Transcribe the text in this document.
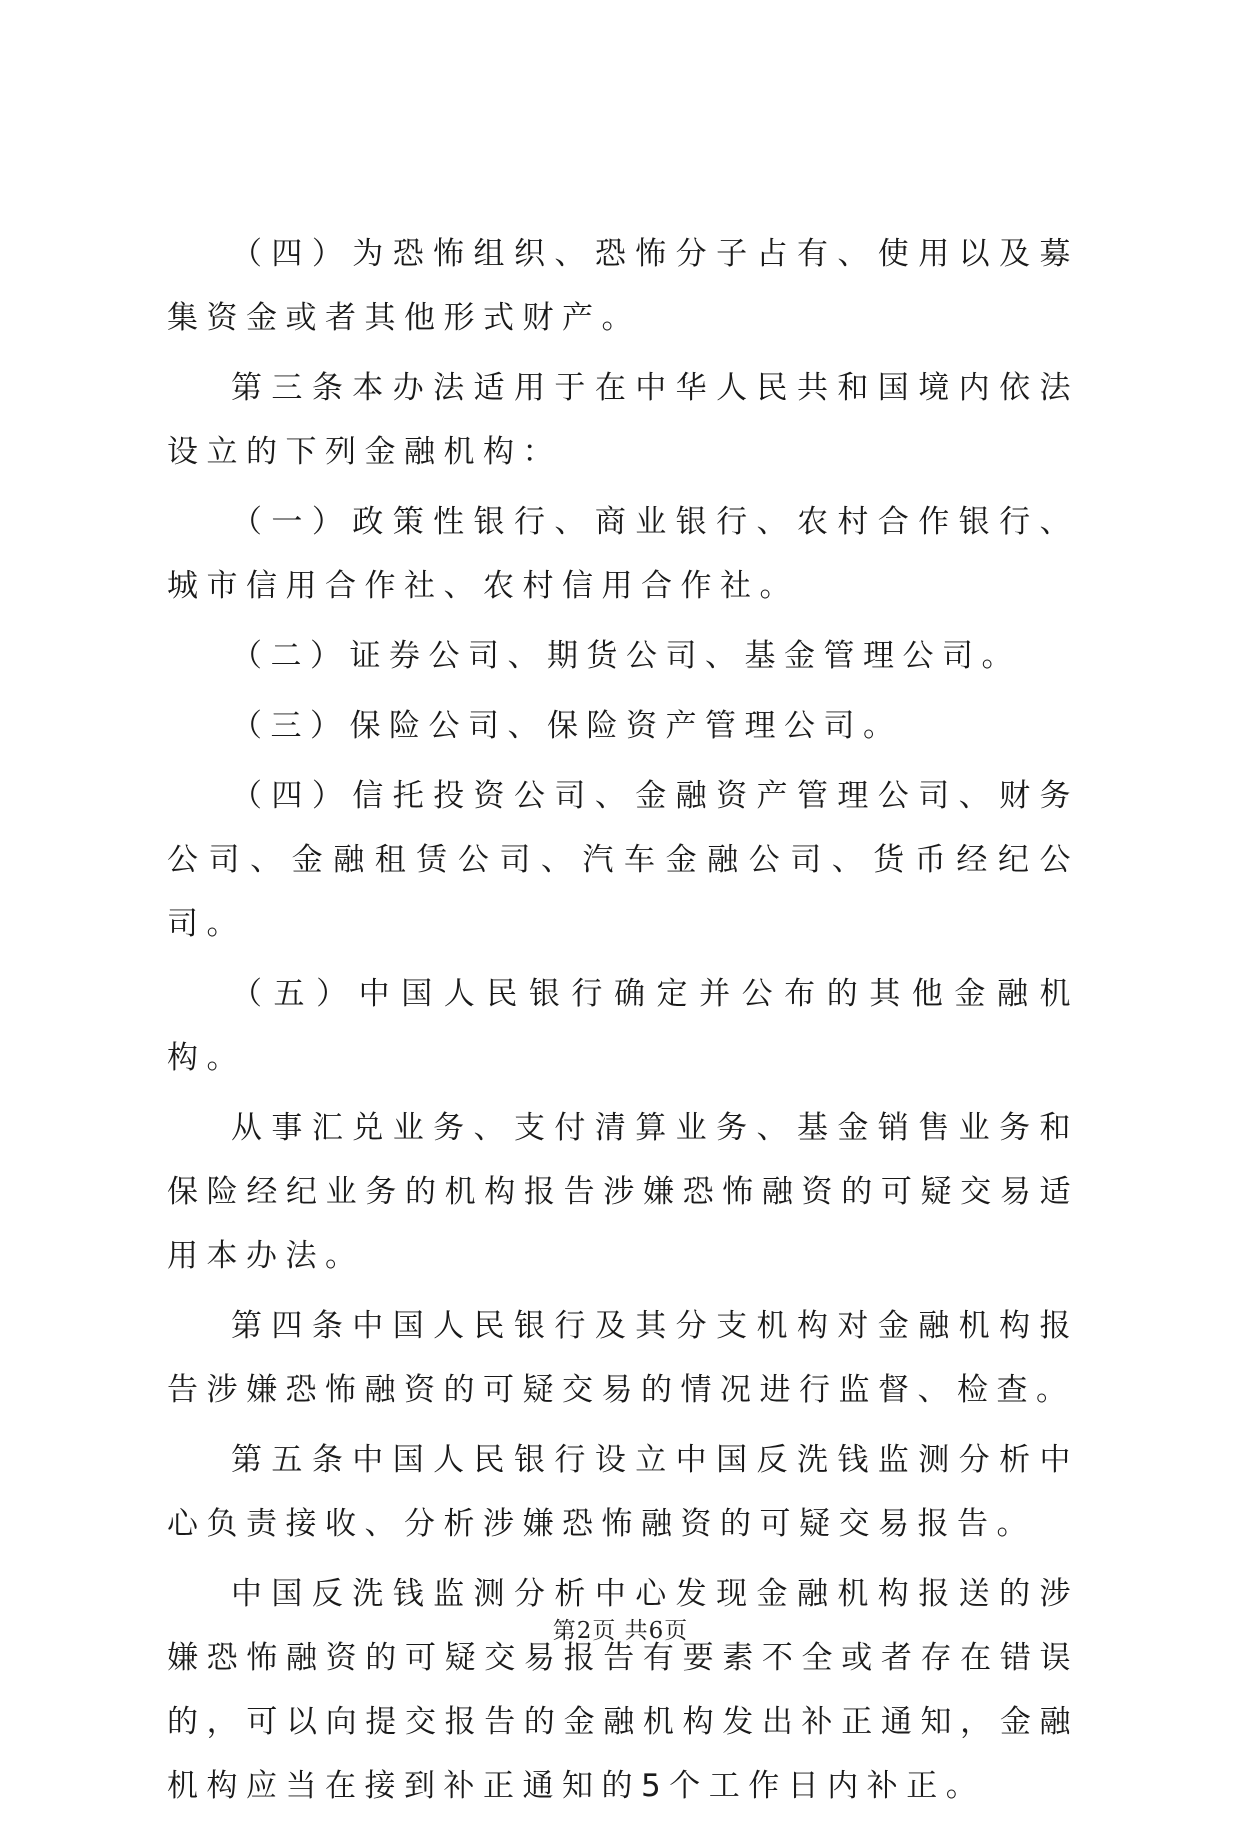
（四）为恐怖组织、恐怖分子占有、使用以及募集资金或者其他形式财产。

第三条本办法适用于在中华人民共和国境内依法设立的下列金融机构：

（一）政策性银行、商业银行、农村合作银行、城市信用合作社、农村信用合作社。

（二）证券公司、期货公司、基金管理公司。

（三）保险公司、保险资产管理公司。

（四）信托投资公司、金融资产管理公司、财务公司、金融租赁公司、汽车金融公司、货币经纪公司。

（五）中国人民银行确定并公布的其他金融机构。

从事汇兑业务、支付清算业务、基金销售业务和保险经纪业务的机构报告涉嫌恐怖融资的可疑交易适用本办法。

第四条中国人民银行及其分支机构对金融机构报告涉嫌恐怖融资的可疑交易的情况进行监督、检查。

第五条中国人民银行设立中国反洗钱监测分析中心负责接收、分析涉嫌恐怖融资的可疑交易报告。

中国反洗钱监测分析中心发现金融机构报送的涉嫌恐怖融资的可疑交易报告有要素不全或者存在错误的，可以向提交报告的金融机构发出补正通知，金融机构应当在接到补正通知的5个工作日内补正。

第2页 共6页
